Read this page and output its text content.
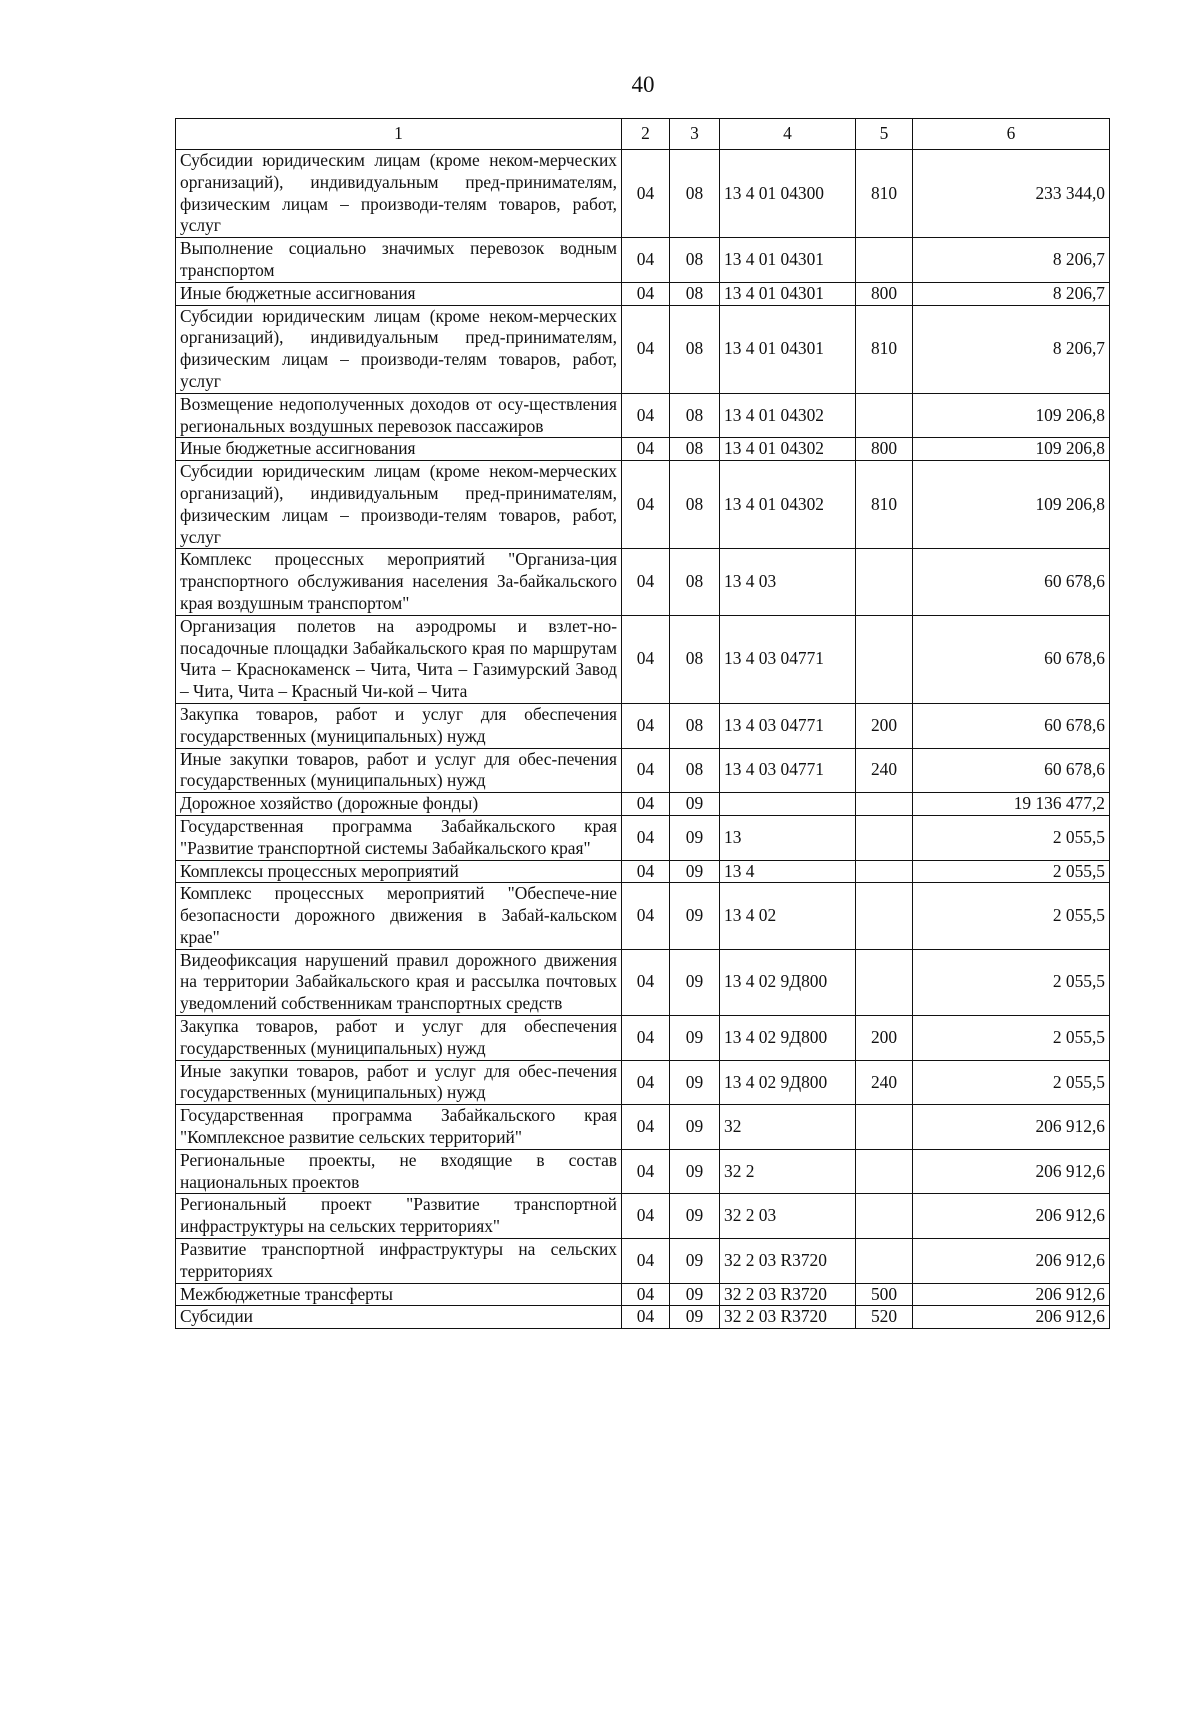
40
1	2	3	4	5	6
Субсидии юридическим лицам (кроме неком-мерческих организаций), индивидуальным пред-принимателям, физическим лицам – производи-телям товаров, работ, услуг	04	08	13 4 01 04300	810	233 344,0
Выполнение социально значимых перевозок водным транспортом	04	08	13 4 01 04301		8 206,7
Иные бюджетные ассигнования	04	08	13 4 01 04301	800	8 206,7
Субсидии юридическим лицам (кроме неком-мерческих организаций), индивидуальным пред-принимателям, физическим лицам – производи-телям товаров, работ, услуг	04	08	13 4 01 04301	810	8 206,7
Возмещение недополученных доходов от осу-ществления региональных воздушных перевозок пассажиров	04	08	13 4 01 04302		109 206,8
Иные бюджетные ассигнования	04	08	13 4 01 04302	800	109 206,8
Субсидии юридическим лицам (кроме неком-мерческих организаций), индивидуальным пред-принимателям, физическим лицам – производи-телям товаров, работ, услуг	04	08	13 4 01 04302	810	109 206,8
Комплекс процессных мероприятий "Организа-ция транспортного обслуживания населения За-байкальского края воздушным транспортом"	04	08	13 4 03		60 678,6
Организация полетов на аэродромы и взлет-но-посадочные площадки Забайкальского края по маршрутам Чита – Краснокаменск – Чита, Чита – Газимурский Завод – Чита, Чита – Красный Чи-кой – Чита	04	08	13 4 03 04771		60 678,6
Закупка товаров, работ и услуг для обеспечения государственных (муниципальных) нужд	04	08	13 4 03 04771	200	60 678,6
Иные закупки товаров, работ и услуг для обес-печения государственных (муниципальных) нужд	04	08	13 4 03 04771	240	60 678,6
Дорожное хозяйство (дорожные фонды)	04	09			19 136 477,2
Государственная программа Забайкальского края "Развитие транспортной системы Забайкальского края"	04	09	13		2 055,5
Комплексы процессных мероприятий	04	09	13 4		2 055,5
Комплекс процессных мероприятий "Обеспече-ние безопасности дорожного движения в Забай-кальском крае"	04	09	13 4 02		2 055,5
Видеофиксация нарушений правил дорожного движения на территории Забайкальского края и рассылка почтовых уведомлений собственникам транспортных средств	04	09	13 4 02 9Д800		2 055,5
Закупка товаров, работ и услуг для обеспечения государственных (муниципальных) нужд	04	09	13 4 02 9Д800	200	2 055,5
Иные закупки товаров, работ и услуг для обес-печения государственных (муниципальных) нужд	04	09	13 4 02 9Д800	240	2 055,5
Государственная программа Забайкальского края "Комплексное развитие сельских территорий"	04	09	32		206 912,6
Региональные проекты, не входящие в состав национальных проектов	04	09	32 2		206 912,6
Региональный проект "Развитие транспортной инфраструктуры на сельских территориях"	04	09	32 2 03		206 912,6
Развитие транспортной инфраструктуры на сельских территориях	04	09	32 2 03 R3720		206 912,6
Межбюджетные трансферты	04	09	32 2 03 R3720	500	206 912,6
Субсидии	04	09	32 2 03 R3720	520	206 912,6
